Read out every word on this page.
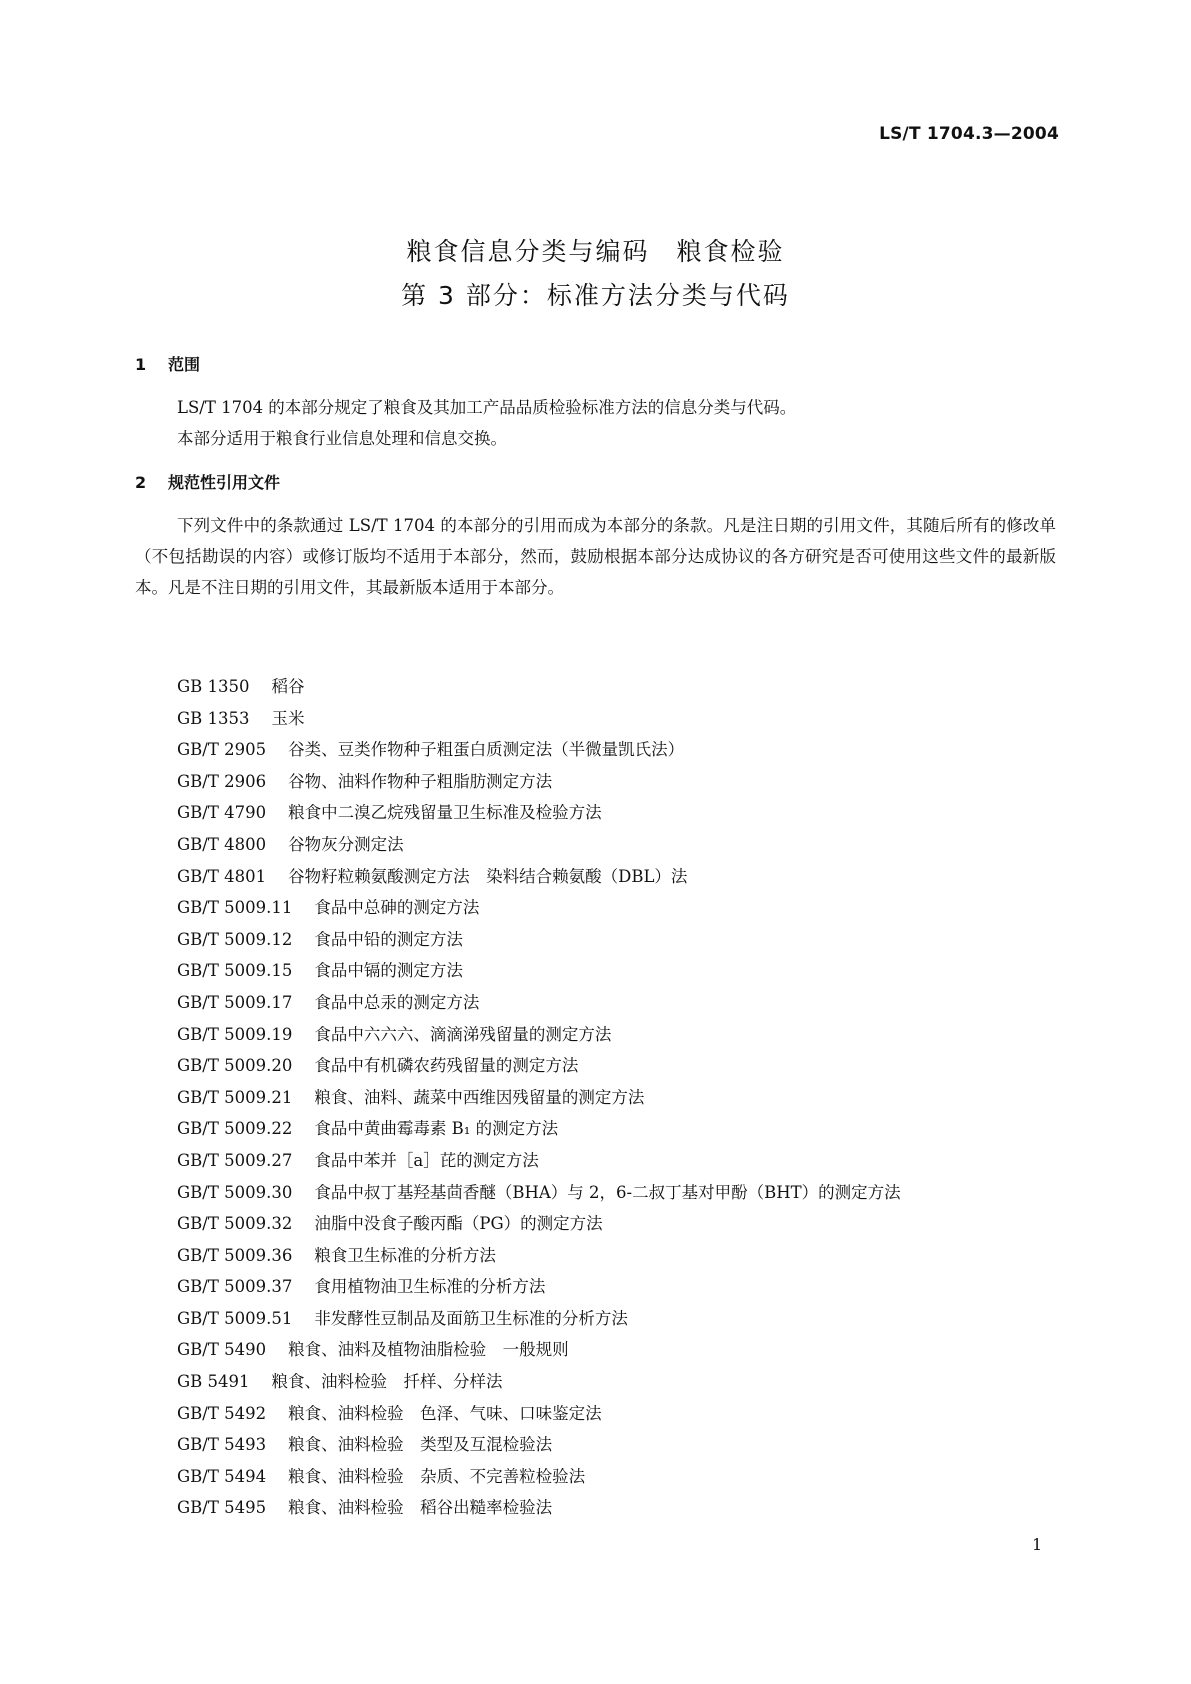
LS/T 1704.3—2004

粮食信息分类与编码　粮食检验
第 3 部分：标准方法分类与代码
1 范围

LS/T 1704 的本部分规定了粮食及其加工产品品质检验标准方法的信息分类与代码。

本部分适用于粮食行业信息处理和信息交换。

2 规范性引用文件

下列文件中的条款通过 LS/T 1704 的本部分的引用而成为本部分的条款。凡是注日期的引用文件，其随后所有的修改单（不包括勘误的内容）或修订版均不适用于本部分，然而，鼓励根据本部分达成协议的各方研究是否可使用这些文件的最新版本。凡是不注日期的引用文件，其最新版本适用于本部分。

GB 1350 稻谷
GB 1353 玉米
GB/T 2905 谷类、豆类作物种子粗蛋白质测定法（半微量凯氏法）
GB/T 2906 谷物、油料作物种子粗脂肪测定方法
GB/T 4790 粮食中二溴乙烷残留量卫生标准及检验方法
GB/T 4800 谷物灰分测定法
GB/T 4801 谷物籽粒赖氨酸测定方法　染料结合赖氨酸（DBL）法
GB/T 5009.11 食品中总砷的测定方法
GB/T 5009.12 食品中铅的测定方法
GB/T 5009.15 食品中镉的测定方法
GB/T 5009.17 食品中总汞的测定方法
GB/T 5009.19 食品中六六六、滴滴涕残留量的测定方法
GB/T 5009.20 食品中有机磷农药残留量的测定方法
GB/T 5009.21 粮食、油料、蔬菜中西维因残留量的测定方法
GB/T 5009.22 食品中黄曲霉毒素 B₁ 的测定方法
GB/T 5009.27 食品中苯并［a］芘的测定方法
GB/T 5009.30 食品中叔丁基羟基茴香醚（BHA）与 2，6-二叔丁基对甲酚（BHT）的测定方法
GB/T 5009.32 油脂中没食子酸丙酯（PG）的测定方法
GB/T 5009.36 粮食卫生标准的分析方法
GB/T 5009.37 食用植物油卫生标准的分析方法
GB/T 5009.51 非发酵性豆制品及面筋卫生标准的分析方法
GB/T 5490 粮食、油料及植物油脂检验　一般规则
GB 5491 粮食、油料检验　扦样、分样法
GB/T 5492 粮食、油料检验　色泽、气味、口味鉴定法
GB/T 5493 粮食、油料检验　类型及互混检验法
GB/T 5494 粮食、油料检验　杂质、不完善粒检验法
GB/T 5495 粮食、油料检验　稻谷出糙率检验法

1
